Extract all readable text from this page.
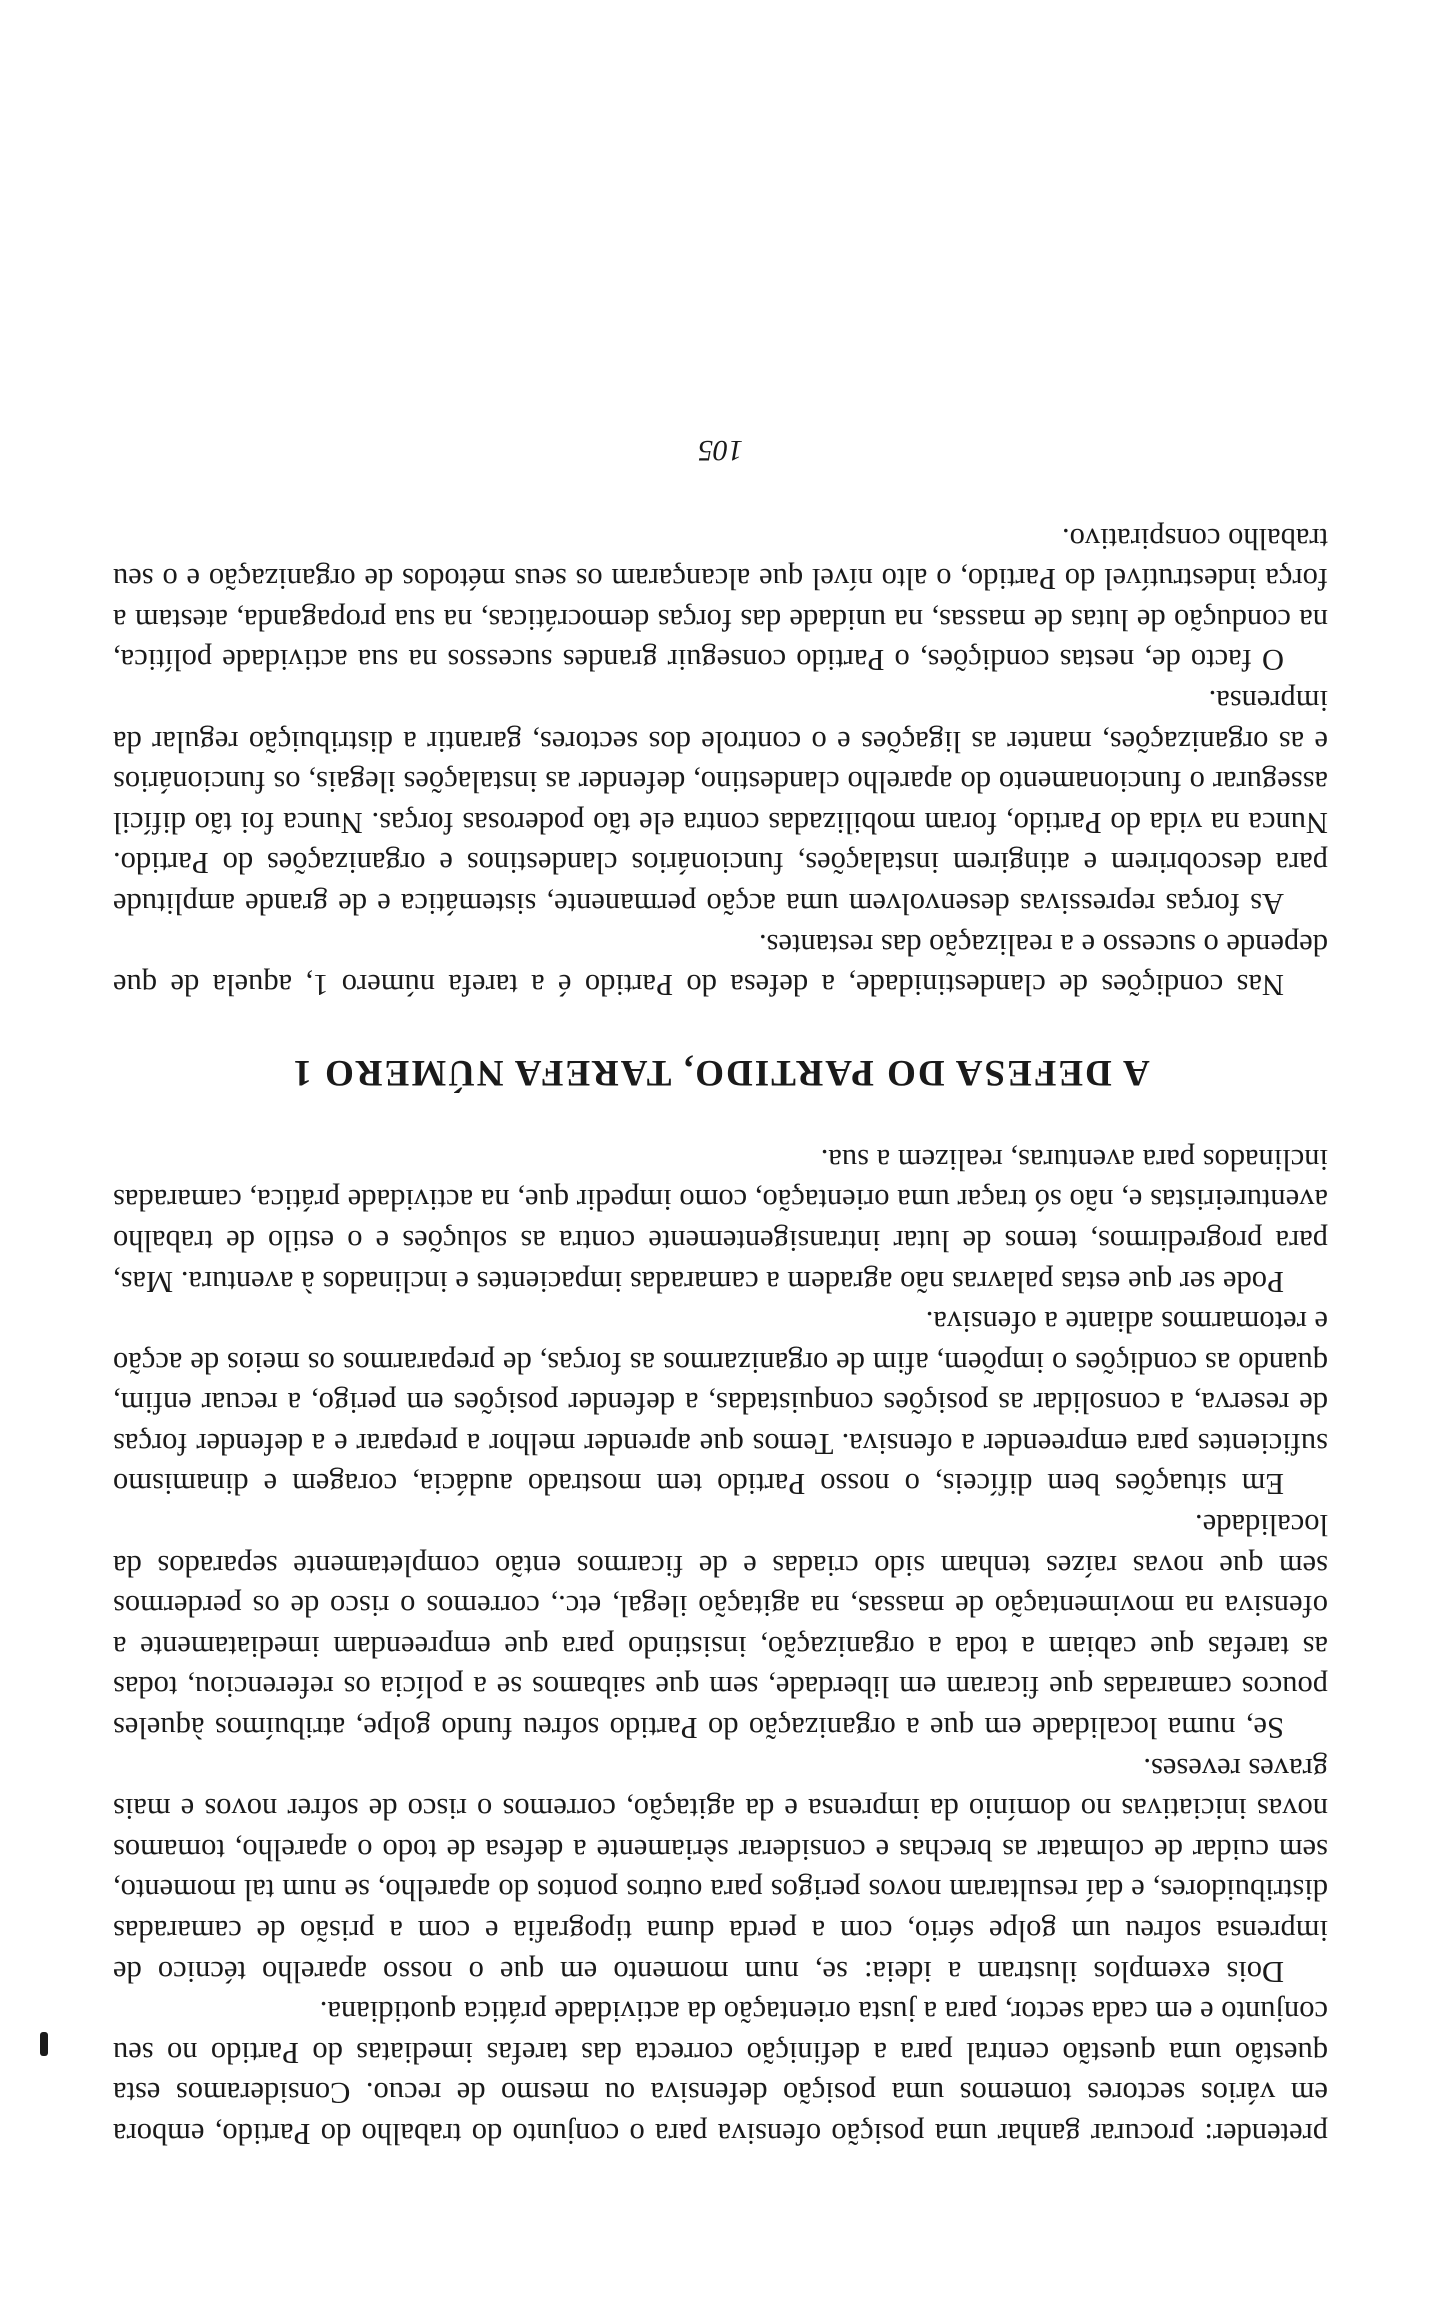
pretender: procurar ganhar uma posição ofensiva para o conjunto do trabalho do Partido, embora em vários sectores tomemos uma posição defensiva ou mesmo de recuo. Consideramos esta questão uma questão central para a definição correcta das tarefas imediatas do Partido no seu conjunto e em cada sector, para a justa orientação da actividade prática quotidiana.

Dois exemplos ilustram a ideia: se, num momento em que o nosso aparelho técnico de imprensa sofreu um golpe sério, com a perda duma tipografia e com a prisão de camaradas distribuidores, e daí resultaram novos perigos para outros pontos do aparelho, se num tal momento, sem cuidar de colmatar as brechas e considerar sèriamente a defesa de todo o aparelho, tomamos novas iniciativas no domínio da imprensa e da agitação, corremos o risco de sofrer novos e mais graves reveses.

Se, numa localidade em que a organização do Partido sofreu fundo golpe, atribuímos àqueles poucos camaradas que ficaram em liberdade, sem que saibamos se a polícia os referenciou, todas as tarefas que cabiam a toda a organização, insistindo para que empreendam imediatamente a ofensiva na movimentação de massas, na agitação ilegal, etc., corremos o risco de os perdermos sem que novas raízes tenham sido criadas e de ficarmos então completamente separados da localidade.

Em situações bem difíceis, o nosso Partido tem mostrado audácia, coragem e dinamismo suficientes para empreender a ofensiva. Temos que aprender melhor a preparar e a defender forças de reserva, a consolidar as posições conquistadas, a defender posições em perigo, a recuar enfim, quando as condições o impõem, afim de organizarmos as forças, de prepararmos os meios de acção e retomarmos adiante a ofensiva.

Pode ser que estas palavras não agradem a camaradas impacientes e inclinados à aventura. Mas, para progredirmos, temos de lutar intransigentemente contra as soluções e o estilo de trabalho aventureiristas e, não só traçar uma orientação, como impedir que, na actividade prática, camaradas inclinados para aventuras, realizem a sua.

A DEFESA DO PARTIDO, TAREFA NÚMERO 1

Nas condições de clandestinidade, a defesa do Partido é a tarefa número 1, aquela de que depende o sucesso e a realização das restantes.

As forças repressivas desenvolvem uma acção permanente, sistemática e de grande amplitude para descobrirem e atingirem instalações, funcionários clandestinos e organizações do Partido. Nunca na vida do Partido, foram mobilizadas contra ele tão poderosas forças. Nunca foi tão difícil assegurar o funcionamento do aparelho clandestino, defender as instalações ilegais, os funcionários e as organizações, manter as ligações e o controle dos sectores, garantir a distribuição regular da imprensa.

O facto de, nestas condições, o Partido conseguir grandes sucessos na sua actividade política, na condução de lutas de massas, na unidade das forças democráticas, na sua propaganda, atestam a força indestrutível do Partido, o alto nível que alcançaram os seus métodos de organização e o seu trabalho conspirativo.

105
